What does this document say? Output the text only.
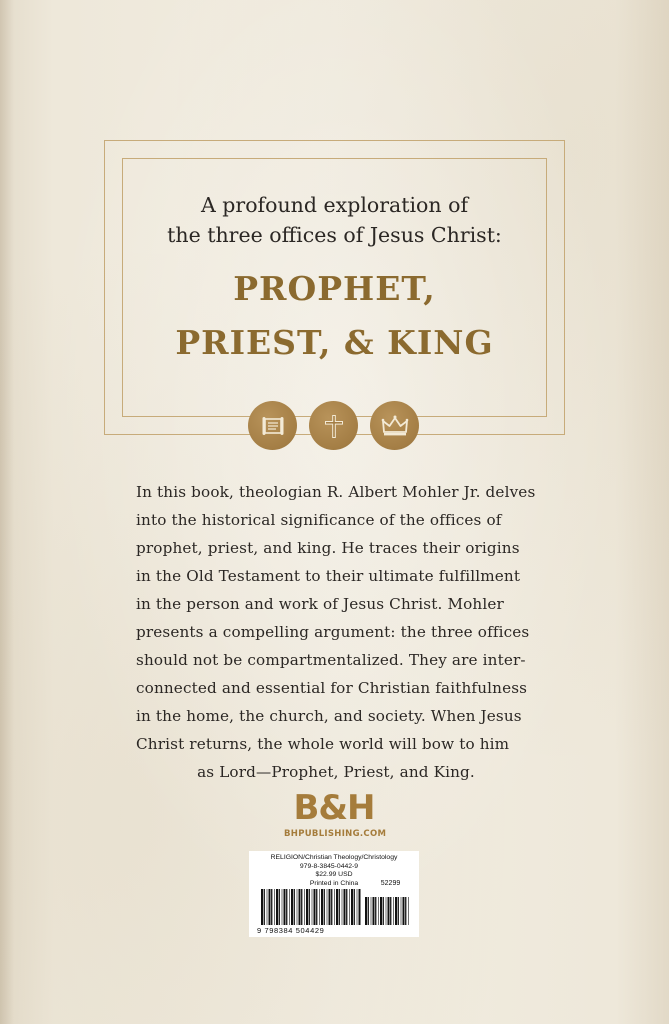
A profound exploration of
the three offices of Jesus Christ:
PROPHET,
PRIEST, & KING
In this book, theologian R. Albert Mohler Jr. delves
into the historical significance of the offices of
prophet, priest, and king. He traces their origins
in the Old Testament to their ultimate fulfillment
in the person and work of Jesus Christ. Mohler
presents a compelling argument: the three offices
should not be compartmentalized. They are inter-
connected and essential for Christian faithfulness
in the home, the church, and society. When Jesus
Christ returns, the whole world will bow to him
as Lord—Prophet, Priest, and King.
B&H
BHPUBLISHING.COM
RELIGION/Christian Theology/Christology
979-8-3845-0442-9
$22.99 USD
Printed in China	52299
9 798384 504429
